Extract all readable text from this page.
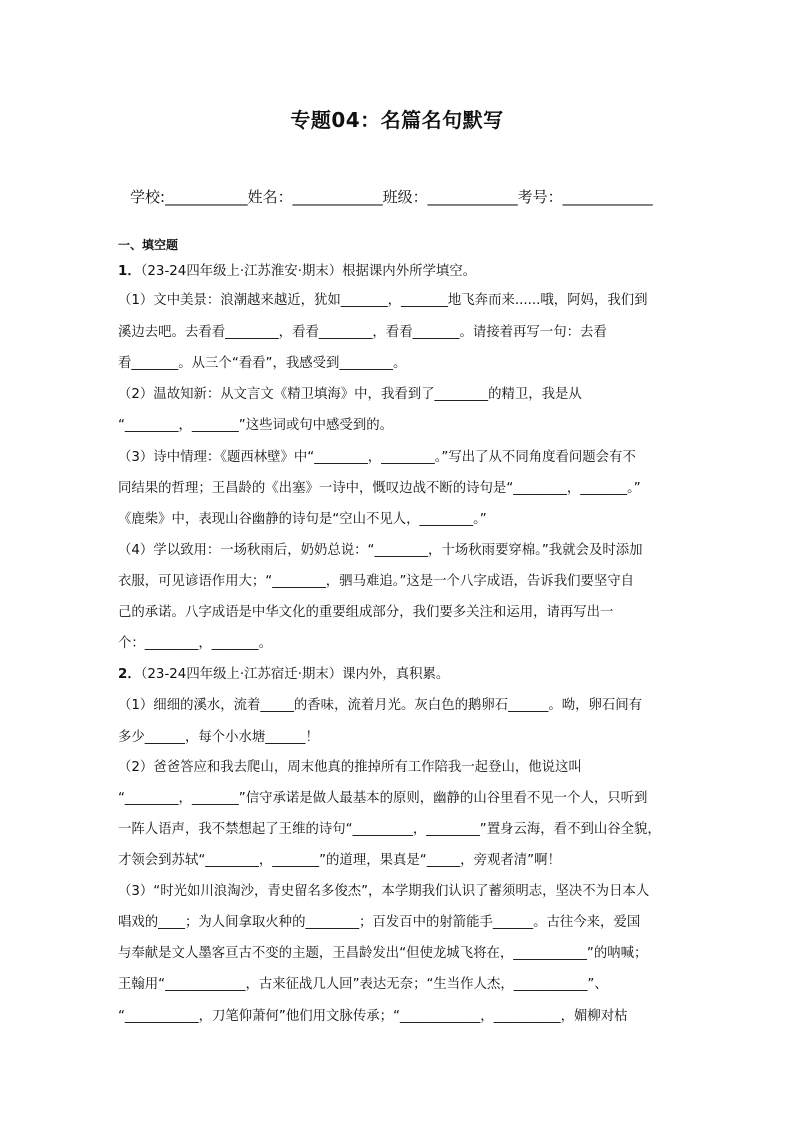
专题04：名篇名句默写
学校:___________姓名：____________班级：____________考号：____________
一、填空题
1．（23-24四年级上·江苏淮安·期末）根据课内外所学填空。
（1）文中美景：浪潮越来越近，犹如_______，_______地飞奔而来......哦，阿妈，我们到
溪边去吧。去看看________，看看________，看看_______。请接着再写一句：去看
看_______。从三个“看看”，我感受到________。
（2）温故知新：从文言文《精卫填海》中，我看到了________的精卫，我是从
“________，_______”这些词或句中感受到的。
（3）诗中情理：《题西林壁》中“________，________。”写出了从不同角度看问题会有不
同结果的哲理；王昌龄的《出塞》一诗中，慨叹边战不断的诗句是“________，_______。”
《鹿柴》中，表现山谷幽静的诗句是“空山不见人，________。”
（4）学以致用：一场秋雨后，奶奶总说：“________，十场秋雨要穿棉。”我就会及时添加
衣服，可见谚语作用大；“________，驷马难追。”这是一个八字成语，告诉我们要坚守自
己的承诺。八字成语是中华文化的重要组成部分，我们要多关注和运用，请再写出一
个：________，_______。
2．（23-24四年级上·江苏宿迁·期末）课内外，真积累。
（1）细细的溪水，流着_____的香味，流着月光。灰白色的鹅卵石______。呦，卵石间有
多少______，每个小水塘______！
（2）爸爸答应和我去爬山，周末他真的推掉所有工作陪我一起登山，他说这叫
“________，_______”信守承诺是做人最基本的原则，幽静的山谷里看不见一个人，只听到
一阵人语声，我不禁想起了王维的诗句“_________，________”置身云海，看不到山谷全貌，
才领会到苏轼“________，_______”的道理，果真是“_____，旁观者清”啊！
（3）“时光如川浪淘沙，青史留名多俊杰”，本学期我们认识了蓄须明志，坚决不为日本人
唱戏的____；为人间拿取火种的________；百发百中的射箭能手______。古往今来，爱国
与奉献是文人墨客亘古不变的主题，王昌龄发出“但使龙城飞将在，___________”的呐喊；
王翰用“____________，古来征战几人回”表达无奈；“生当作人杰，___________”、
“___________，刀笔仰萧何”他们用文脉传承；“____________，__________，媚柳对枯
